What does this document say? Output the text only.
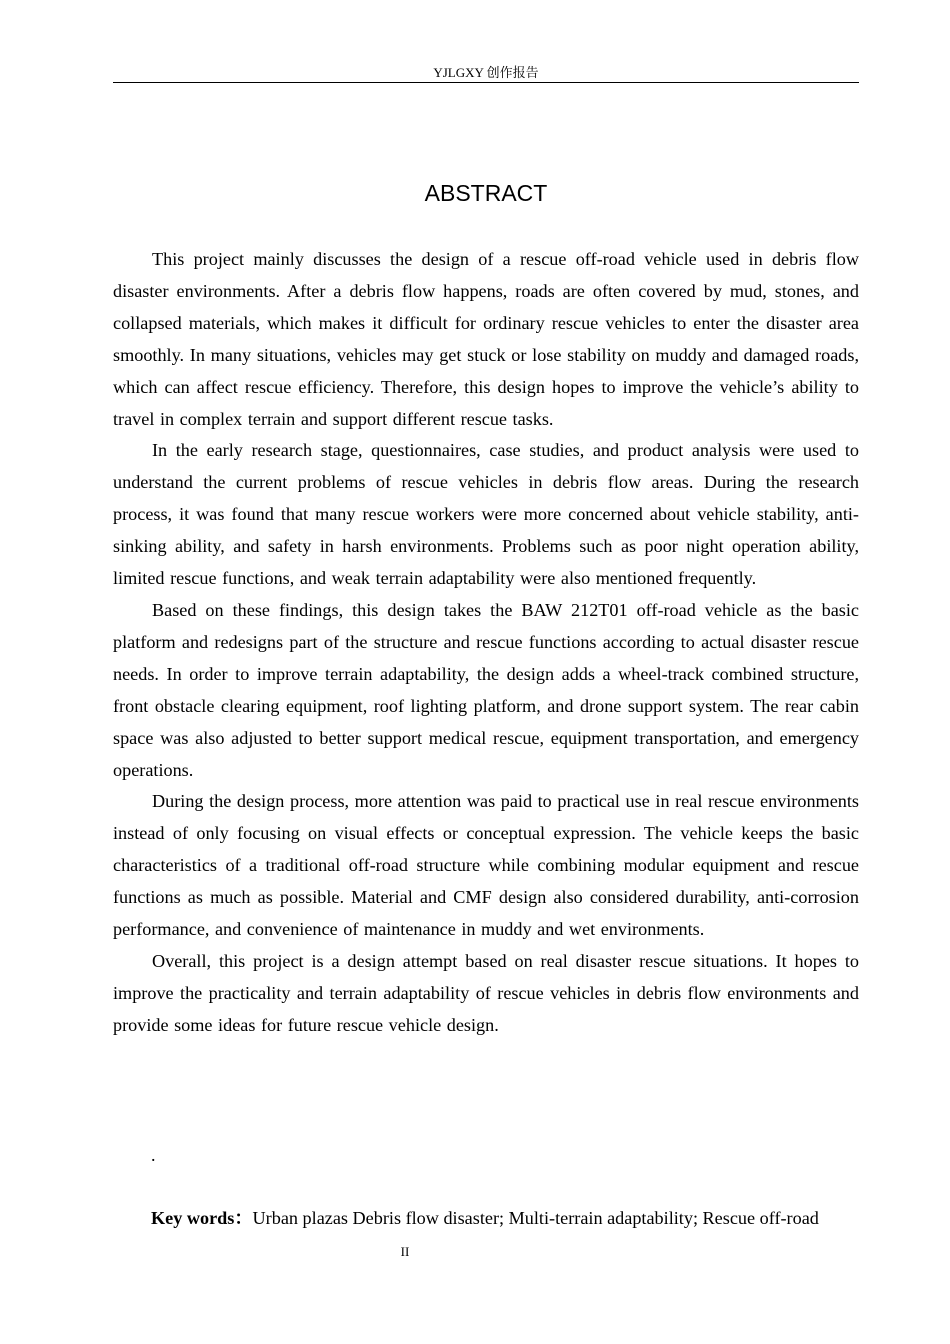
YJLGXY 创作报告
ABSTRACT

This project mainly discusses the design of a rescue off-road vehicle used in debris flow disaster environments. After a debris flow happens, roads are often covered by mud, stones, and collapsed materials, which makes it difficult for ordinary rescue vehicles to enter the disaster area smoothly. In many situations, vehicles may get stuck or lose stability on muddy and damaged roads, which can affect rescue efficiency. Therefore, this design hopes to improve the vehicle’s ability to travel in complex terrain and support different rescue tasks.

In the early research stage, questionnaires, case studies, and product analysis were used to understand the current problems of rescue vehicles in debris flow areas. During the research process, it was found that many rescue workers were more concerned about vehicle stability, anti-sinking ability, and safety in harsh environments. Problems such as poor night operation ability, limited rescue functions, and weak terrain adaptability were also mentioned frequently.

Based on these findings, this design takes the BAW 212T01 off-road vehicle as the basic platform and redesigns part of the structure and rescue functions according to actual disaster rescue needs. In order to improve terrain adaptability, the design adds a wheel-track combined structure, front obstacle clearing equipment, roof lighting platform, and drone support system. The rear cabin space was also adjusted to better support medical rescue, equipment transportation, and emergency operations.

During the design process, more attention was paid to practical use in real rescue environments instead of only focusing on visual effects or conceptual expression. The vehicle keeps the basic characteristics of a traditional off-road structure while combining modular equipment and rescue functions as much as possible. Material and CMF design also considered durability, anti-corrosion performance, and convenience of maintenance in muddy and wet environments.

Overall, this project is a design attempt based on real disaster rescue situations. It hopes to improve the practicality and terrain adaptability of rescue vehicles in debris flow environments and provide some ideas for future rescue vehicle design.

.
Key words：Urban plazas Debris flow disaster; Multi-terrain adaptability; Rescue off-road
II
